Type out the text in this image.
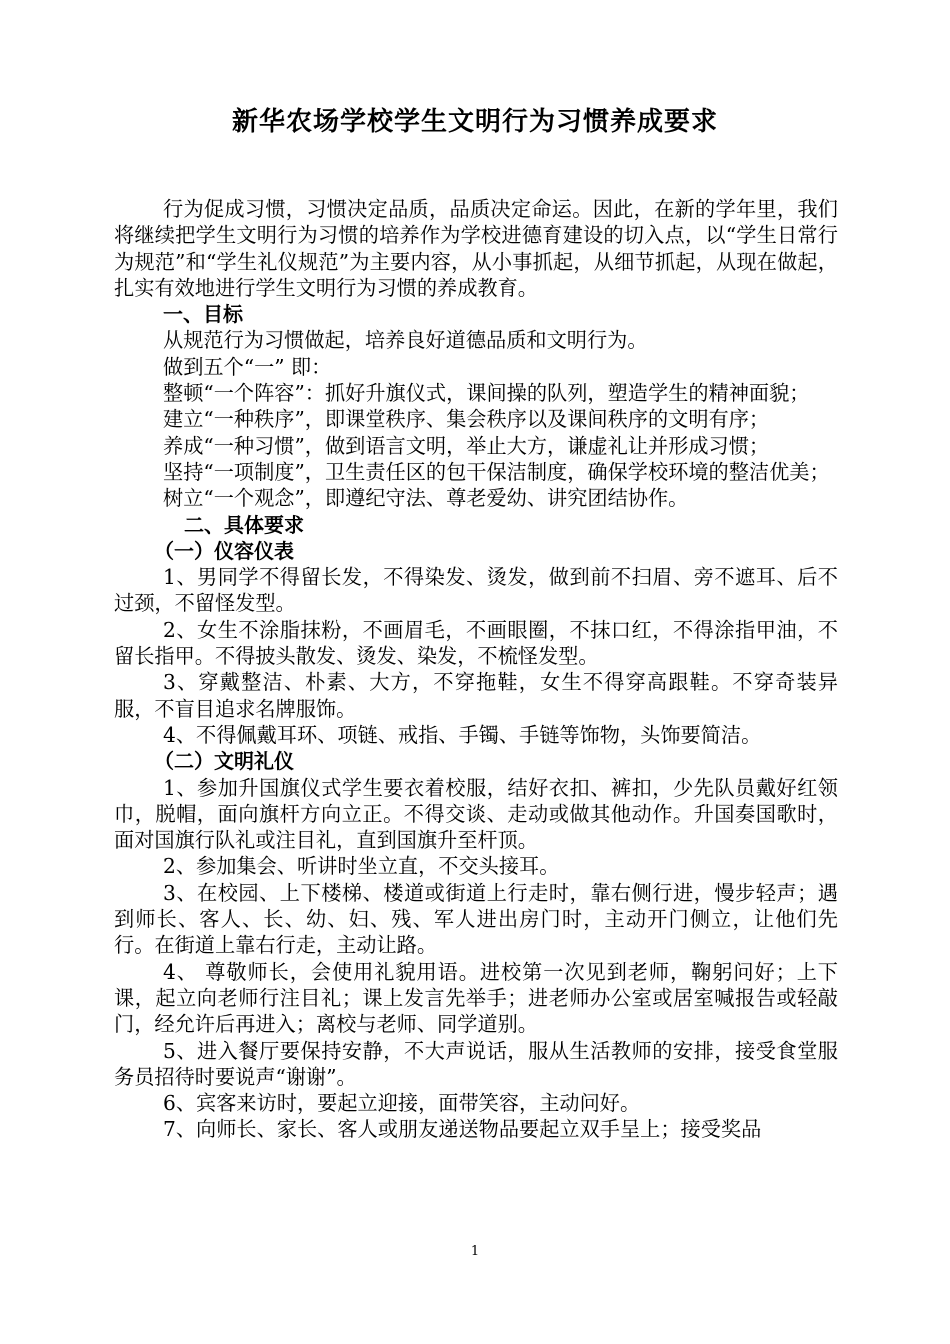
新华农场学校学生文明行为习惯养成要求

行为促成习惯，习惯决定品质，品质决定命运。因此，在新的学年里，我们将继续把学生文明行为习惯的培养作为学校进德育建设的切入点，以“学生日常行为规范”和“学生礼仪规范”为主要内容，从小事抓起，从细节抓起，从现在做起，扎实有效地进行学生文明行为习惯的养成教育。

一、目标

从规范行为习惯做起，培养良好道德品质和文明行为。

做到五个“一” 即：

整顿“一个阵容”：抓好升旗仪式，课间操的队列，塑造学生的精神面貌；

建立“一种秩序”，即课堂秩序、集会秩序以及课间秩序的文明有序；

养成“一种习惯”，做到语言文明，举止大方，谦虚礼让并形成习惯；

坚持“一项制度”，卫生责任区的包干保洁制度，确保学校环境的整洁优美；

树立“一个观念”，即遵纪守法、尊老爱幼、讲究团结协作。

二、具体要求

（一）仪容仪表

1、男同学不得留长发，不得染发、烫发，做到前不扫眉、旁不遮耳、后不过颈，不留怪发型。

2、女生不涂脂抹粉，不画眉毛，不画眼圈，不抹口红，不得涂指甲油，不留长指甲。不得披头散发、烫发、染发，不梳怪发型。

3、穿戴整洁、朴素、大方，不穿拖鞋，女生不得穿高跟鞋。不穿奇装异服，不盲目追求名牌服饰。

4、不得佩戴耳环、项链、戒指、手镯、手链等饰物，头饰要简洁。

（二）文明礼仪

1、参加升国旗仪式学生要衣着校服，结好衣扣、裤扣，少先队员戴好红领巾，脱帽，面向旗杆方向立正。不得交谈、走动或做其他动作。升国奏国歌时，面对国旗行队礼或注目礼，直到国旗升至杆顶。

2、参加集会、听讲时坐立直，不交头接耳。

3、在校园、上下楼梯、楼道或街道上行走时，靠右侧行进，慢步轻声；遇到师长、客人、长、幼、妇、残、军人进出房门时，主动开门侧立，让他们先行。在街道上靠右行走，主动让路。

4、 尊敬师长，会使用礼貌用语。进校第一次见到老师，鞠躬问好；上下课，起立向老师行注目礼；课上发言先举手；进老师办公室或居室喊报告或轻敲门，经允许后再进入；离校与老师、同学道别。

5、进入餐厅要保持安静，不大声说话，服从生活教师的安排，接受食堂服务员招待时要说声“谢谢”。

6、宾客来访时，要起立迎接，面带笑容，主动问好。

7、向师长、家长、客人或朋友递送物品要起立双手呈上；接受奖品

1
